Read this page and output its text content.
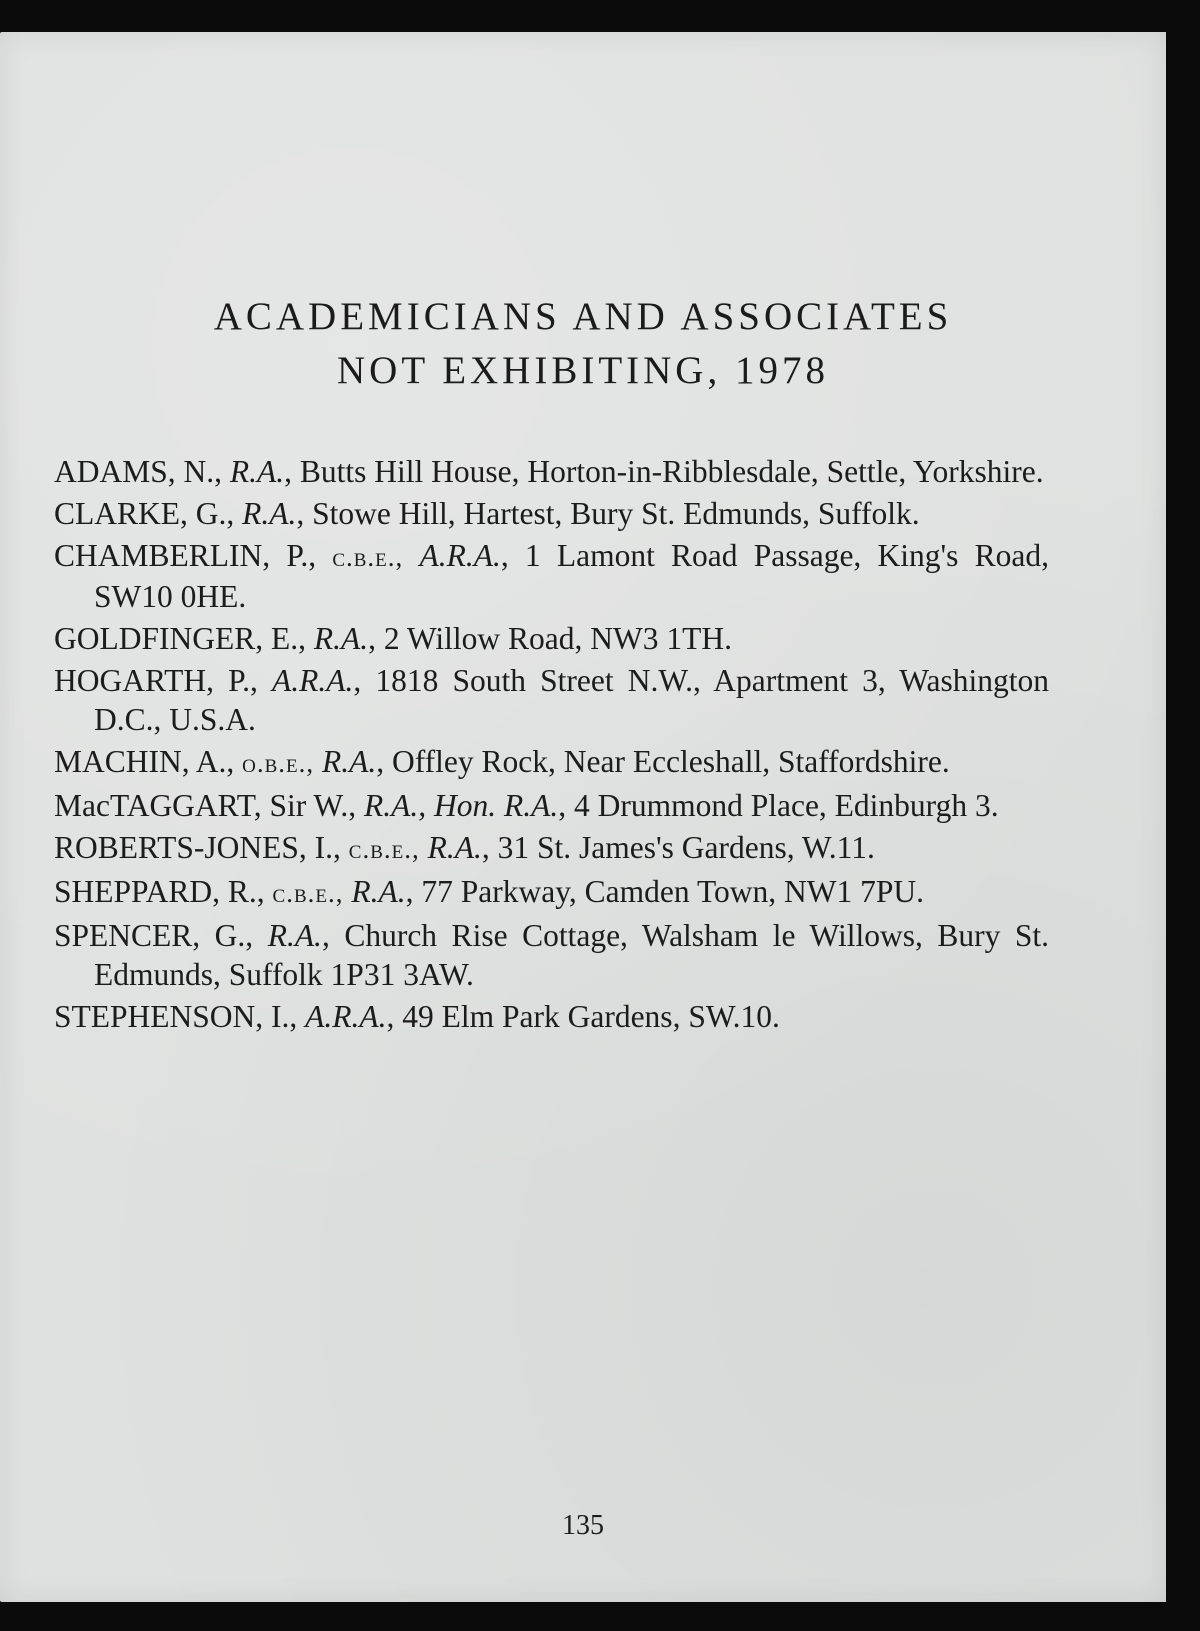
ACADEMICIANS AND ASSOCIATES
NOT EXHIBITING, 1978
ADAMS, N., R.A., Butts Hill House, Horton-in-Ribblesdale, Settle, Yorkshire.
CLARKE, G., R.A., Stowe Hill, Hartest, Bury St. Edmunds, Suffolk.
CHAMBERLIN, P., c.b.e., A.R.A., 1 Lamont Road Passage, King's Road, SW10 0HE.
GOLDFINGER, E., R.A., 2 Willow Road, NW3 1TH.
HOGARTH, P., A.R.A., 1818 South Street N.W., Apartment 3, Washington D.C., U.S.A.
MACHIN, A., o.b.e., R.A., Offley Rock, Near Eccleshall, Staffordshire.
MacTAGGART, Sir W., R.A., Hon. R.A., 4 Drummond Place, Edinburgh 3.
ROBERTS-JONES, I., c.b.e., R.A., 31 St. James's Gardens, W.11.
SHEPPARD, R., c.b.e., R.A., 77 Parkway, Camden Town, NW1 7PU.
SPENCER, G., R.A., Church Rise Cottage, Walsham le Willows, Bury St. Edmunds, Suffolk 1P31 3AW.
STEPHENSON, I., A.R.A., 49 Elm Park Gardens, SW.10.
135
